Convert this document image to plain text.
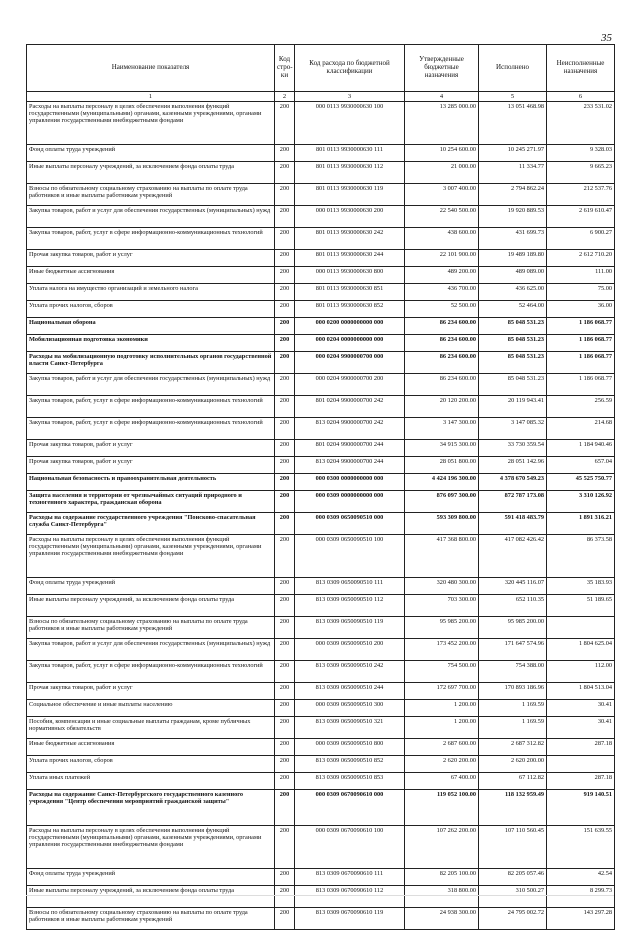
35
Наименование показателя	Код стро-ки	Код расхода по бюджетной классификации	Утвержденные бюджетные назначения	Исполнено	Неисполненные назначения
1	2	3	4	5	6
Расходы на выплаты персоналу в целях обеспечения выполнения функций государственными (муниципальными) органами, казенными учреждениями, органами управления государственными внебюджетными фондами	200	000 0113 9930000630 100	13 285 000.00	13 051 468.98	233 531.02
Фонд оплаты труда учреждений	200	801 0113 9930000630 111	10 254 600.00	10 245 271.97	9 328.03
Иные выплаты персоналу учреждений, за исключением фонда оплаты труда	200	801 0113 9930000630 112	21 000.00	11 334.77	9 665.23
Взносы по обязательному социальному страхованию на выплаты по оплате труда работников и иные выплаты работникам учреждений	200	801 0113 9930000630 119	3 007 400.00	2 794 862.24	212 537.76
Закупка товаров, работ и услуг для обеспечения государственных (муниципальных) нужд	200	000 0113 9930000630 200	22 540 500.00	19 920 889.53	2 619 610.47
Закупка товаров, работ, услуг в сфере информационно-коммуникационных технологий	200	801 0113 9930000630 242	438 600.00	431 699.73	6 900.27
Прочая закупка товаров, работ и услуг	200	801 0113 9930000630 244	22 101 900.00	19 489 189.80	2 612 710.20
Иные бюджетные ассигнования	200	000 0113 9930000630 800	489 200.00	489 089.00	111.00
Уплата налога на имущество организаций и земельного налога	200	801 0113 9930000630 851	436 700.00	436 625.00	75.00
Уплата прочих налогов, сборов	200	801 0113 9930000630 852	52 500.00	52 464.00	36.00
Национальная оборона	200	000 0200 0000000000 000	86 234 600.00	85 048 531.23	1 186 068.77
Мобилизационная подготовка экономики	200	000 0204 0000000000 000	86 234 600.00	85 048 531.23	1 186 068.77
Расходы на мобилизационную подготовку исполнительных органов государственной власти Санкт-Петербурга	200	000 0204 9900000700 000	86 234 600.00	85 048 531.23	1 186 068.77
Закупка товаров, работ и услуг для обеспечения государственных (муниципальных) нужд	200	000 0204 9900000700 200	86 234 600.00	85 048 531.23	1 186 068.77
Закупка товаров, работ, услуг в сфере информационно-коммуникационных технологий	200	801 0204 9900000700 242	20 120 200.00	20 119 943.41	256.59
Закупка товаров, работ, услуг в сфере информационно-коммуникационных технологий	200	813 0204 9900000700 242	3 147 300.00	3 147 085.32	214.68
Прочая закупка товаров, работ и услуг	200	801 0204 9900000700 244	34 915 300.00	33 730 359.54	1 184 940.46
Прочая закупка товаров, работ и услуг	200	813 0204 9900000700 244	28 051 800.00	28 051 142.96	657.04
Национальная безопасность и правоохранительная деятельность	200	000 0300 0000000000 000	4 424 196 300.00	4 378 670 549.23	45 525 750.77
Защита населения и территории от чрезвычайных ситуаций природного и техногенного характера, гражданская оборона	200	000 0309 0000000000 000	876 097 300.00	872 787 173.08	3 310 126.92
Расходы на содержание государственного учреждения "Поисково-спасательная служба Санкт-Петербурга"	200	000 0309 0650090510 000	593 309 800.00	591 418 483.79	1 891 316.21
Расходы на выплаты персоналу в целях обеспечения выполнения функций государственными (муниципальными) органами, казенными учреждениями, органами управления государственными внебюджетными фондами	200	000 0309 0650090510 100	417 368 800.00	417 082 426.42	86 373.58
Фонд оплаты труда учреждений	200	813 0309 0650090510 111	320 480 300.00	320 445 116.07	35 183.93
Иные выплаты персоналу учреждений, за исключением фонда оплаты труда	200	813 0309 0650090510 112	703 300.00	652 110.35	51 189.65
Взносы по обязательному социальному страхованию на выплаты по оплате труда работников и иные выплаты работникам учреждений	200	813 0309 0650090510 119	95 985 200.00	95 985 200.00	
Закупка товаров, работ и услуг для обеспечения государственных (муниципальных) нужд	200	000 0309 0650090510 200	173 452 200.00	171 647 574.96	1 804 625.04
Закупка товаров, работ, услуг в сфере информационно-коммуникационных технологий	200	813 0309 0650090510 242	754 500.00	754 388.00	112.00
Прочая закупка товаров, работ и услуг	200	813 0309 0650090510 244	172 697 700.00	170 893 186.96	1 804 513.04
Социальное обеспечение и иные выплаты населению	200	000 0309 0650090510 300	1 200.00	1 169.59	30.41
Пособия, компенсации и иные социальные выплаты гражданам, кроме публичных нормативных обязательств	200	813 0309 0650090510 321	1 200.00	1 169.59	30.41
Иные бюджетные ассигнования	200	000 0309 0650090510 800	2 687 600.00	2 687 312.82	287.18
Уплата прочих налогов, сборов	200	813 0309 0650090510 852	2 620 200.00	2 620 200.00	
Уплата иных платежей	200	813 0309 0650090510 853	67 400.00	67 112.82	287.18
Расходы на содержание Санкт-Петербургского государственного казенного учреждения "Центр обеспечения мероприятий гражданской защиты"	200	000 0309 0670090610 000	119 052 100.00	118 132 959.49	919 140.51
Расходы на выплаты персоналу в целях обеспечения выполнения функций государственными (муниципальными) органами, казенными учреждениями, органами управления государственными внебюджетными фондами	200	000 0309 0670090610 100	107 262 200.00	107 110 560.45	151 639.55
Фонд оплаты труда учреждений	200	813 0309 0670090610 111	82 205 100.00	82 205 057.46	42.54
Иные выплаты персоналу учреждений, за исключением фонда оплаты труда	200	813 0309 0670090610 112	318 800.00	310 500.27	8 299.73
Взносы по обязательному социальному страхованию на выплаты по оплате труда работников и иные выплаты работникам учреждений	200	813 0309 0670090610 119	24 938 300.00	24 795 002.72	143 297.28
